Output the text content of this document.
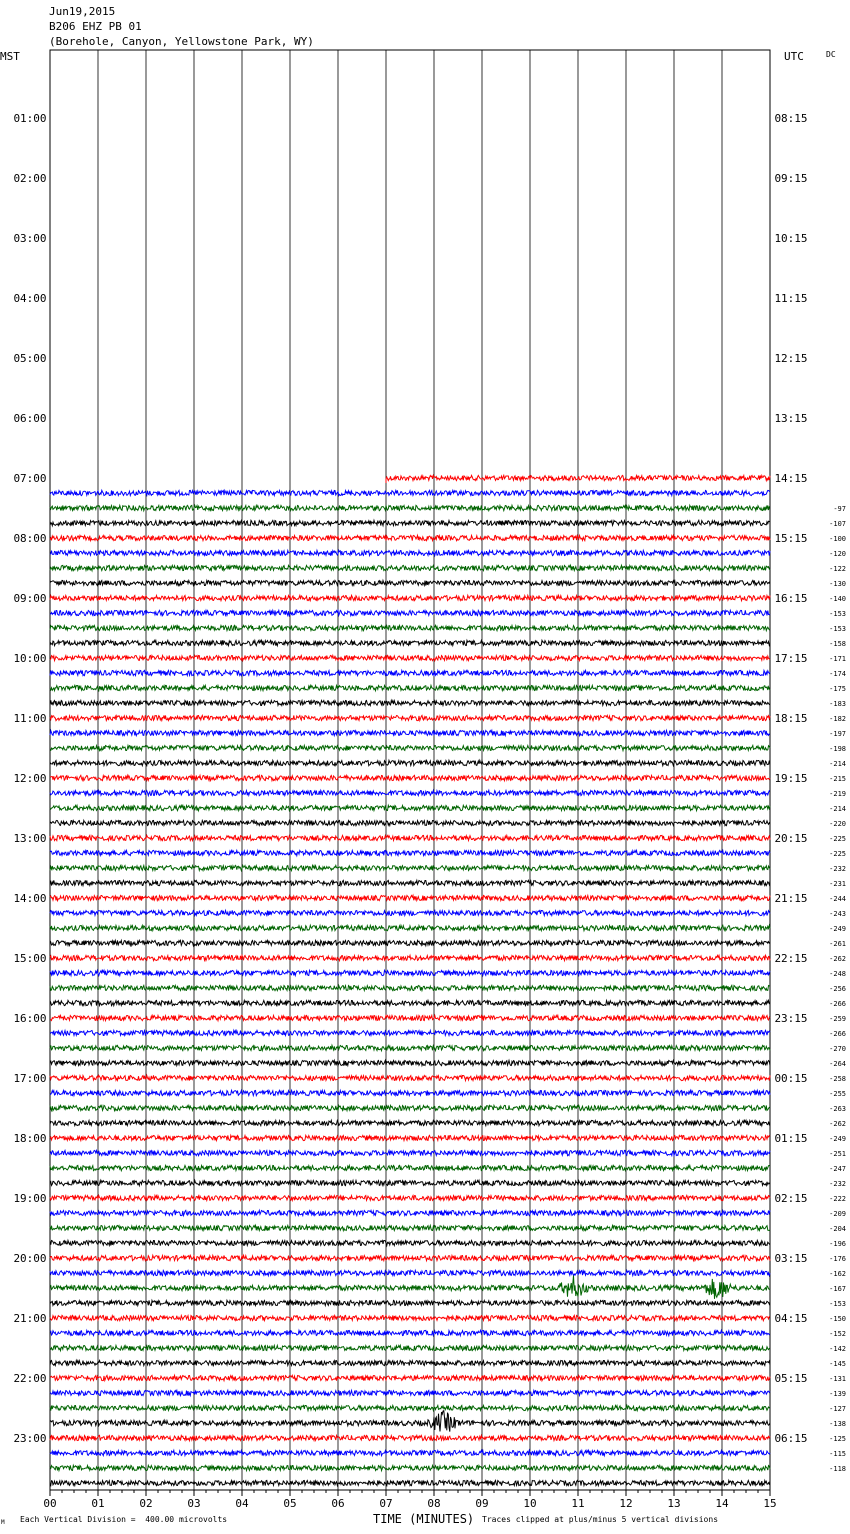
00	01	02	03	04	05	06	07	08	09	10	11	12	13	14	15
01:00
02:00
03:00
04:00
05:00
06:00
07:00
08:00
09:00
10:00
11:00
12:00
13:00
14:00
15:00
16:00
17:00
18:00
19:00
20:00
21:00
22:00
23:00
08:15
09:15
10:15
11:15
12:15
13:15
14:15
15:15
16:15
17:15
18:15
19:15
20:15
21:15
22:15
23:15
00:15
01:15
02:15
03:15
04:15
05:15
06:15
-97
-107
-100
-120
-122
-130
-140
-153
-153
-158
-171
-174
-175
-183
-182
-197
-198
-214
-215
-219
-214
-220
-225
-225
-232
-231
-244
-243
-249
-261
-262
-248
-256
-266
-259
-266
-270
-264
-258
-255
-263
-262
-249
-251
-247
-232
-222
-209
-204
-196
-176
-162
-167
-153
-150
-152
-142
-145
-131
-139
-127
-138
-125
-115
-118
Jun19,2015
B206 EHZ PB 01
(Borehole, Canyon, Yellowstone Park, WY)
MST	UTC	DC
TIME (MINUTES)
Each Vertical Division =  400.00 microvolts	Traces clipped at plus/minus 5 vertical divisions
M
